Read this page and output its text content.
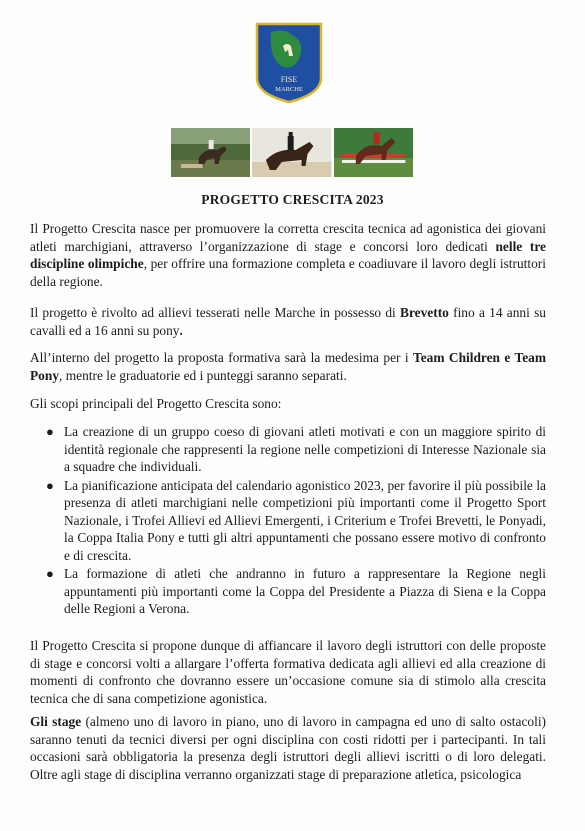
FISE
MARCHE
PROGETTO CRESCITA 2023

Il Progetto Crescita nasce per promuovere la corretta crescita tecnica ad agonistica dei giovani atleti marchigiani, attraverso l’organizzazione di stage e concorsi loro dedicati nelle tre discipline olimpiche, per offrire una formazione completa e coadiuvare il lavoro degli istruttori della regione.

Il progetto è rivolto ad allievi tesserati nelle Marche in possesso di Brevetto fino a 14 anni su cavalli ed a 16 anni su pony.

All’interno del progetto la proposta formativa sarà la medesima per i Team Children e Team Pony, mentre le graduatorie ed i punteggi saranno separati.

Gli scopi principali del Progetto Crescita sono:
● La creazione di un gruppo coeso di giovani atleti motivati e con un maggiore spirito di identità regionale che rappresenti la regione nelle competizioni di Interesse Nazionale sia a squadre che individuali.
● La pianificazione anticipata del calendario agonistico 2023, per favorire il più possibile la presenza di atleti marchigiani nelle competizioni più importanti come il Progetto Sport Nazionale, i Trofei Allievi ed Allievi Emergenti, i Criterium e Trofei Brevetti, le Ponyadi, la Coppa Italia Pony e tutti gli altri appuntamenti che possano essere motivo di confronto e di crescita.
● La formazione di atleti che andranno in futuro a rappresentare la Regione negli appuntamenti più importanti come la Coppa del Presidente a Piazza di Siena e la Coppa delle Regioni a Verona.
Il Progetto Crescita si propone dunque di affiancare il lavoro degli istruttori con delle proposte di stage e concorsi volti a allargare l’offerta formativa dedicata agli allievi ed alla creazione di momenti di confronto che dovranno essere un’occasione comune sia di stimolo alla crescita tecnica che di sana competizione agonistica.

Gli stage (almeno uno di lavoro in piano, uno di lavoro in campagna ed uno di salto ostacoli) saranno tenuti da tecnici diversi per ogni disciplina con costi ridotti per i partecipanti. In tali occasioni sarà obbligatoria la presenza degli istruttori degli allievi iscritti o di loro delegati. Oltre agli stage di disciplina verranno organizzati stage di preparazione atletica, psicologica
